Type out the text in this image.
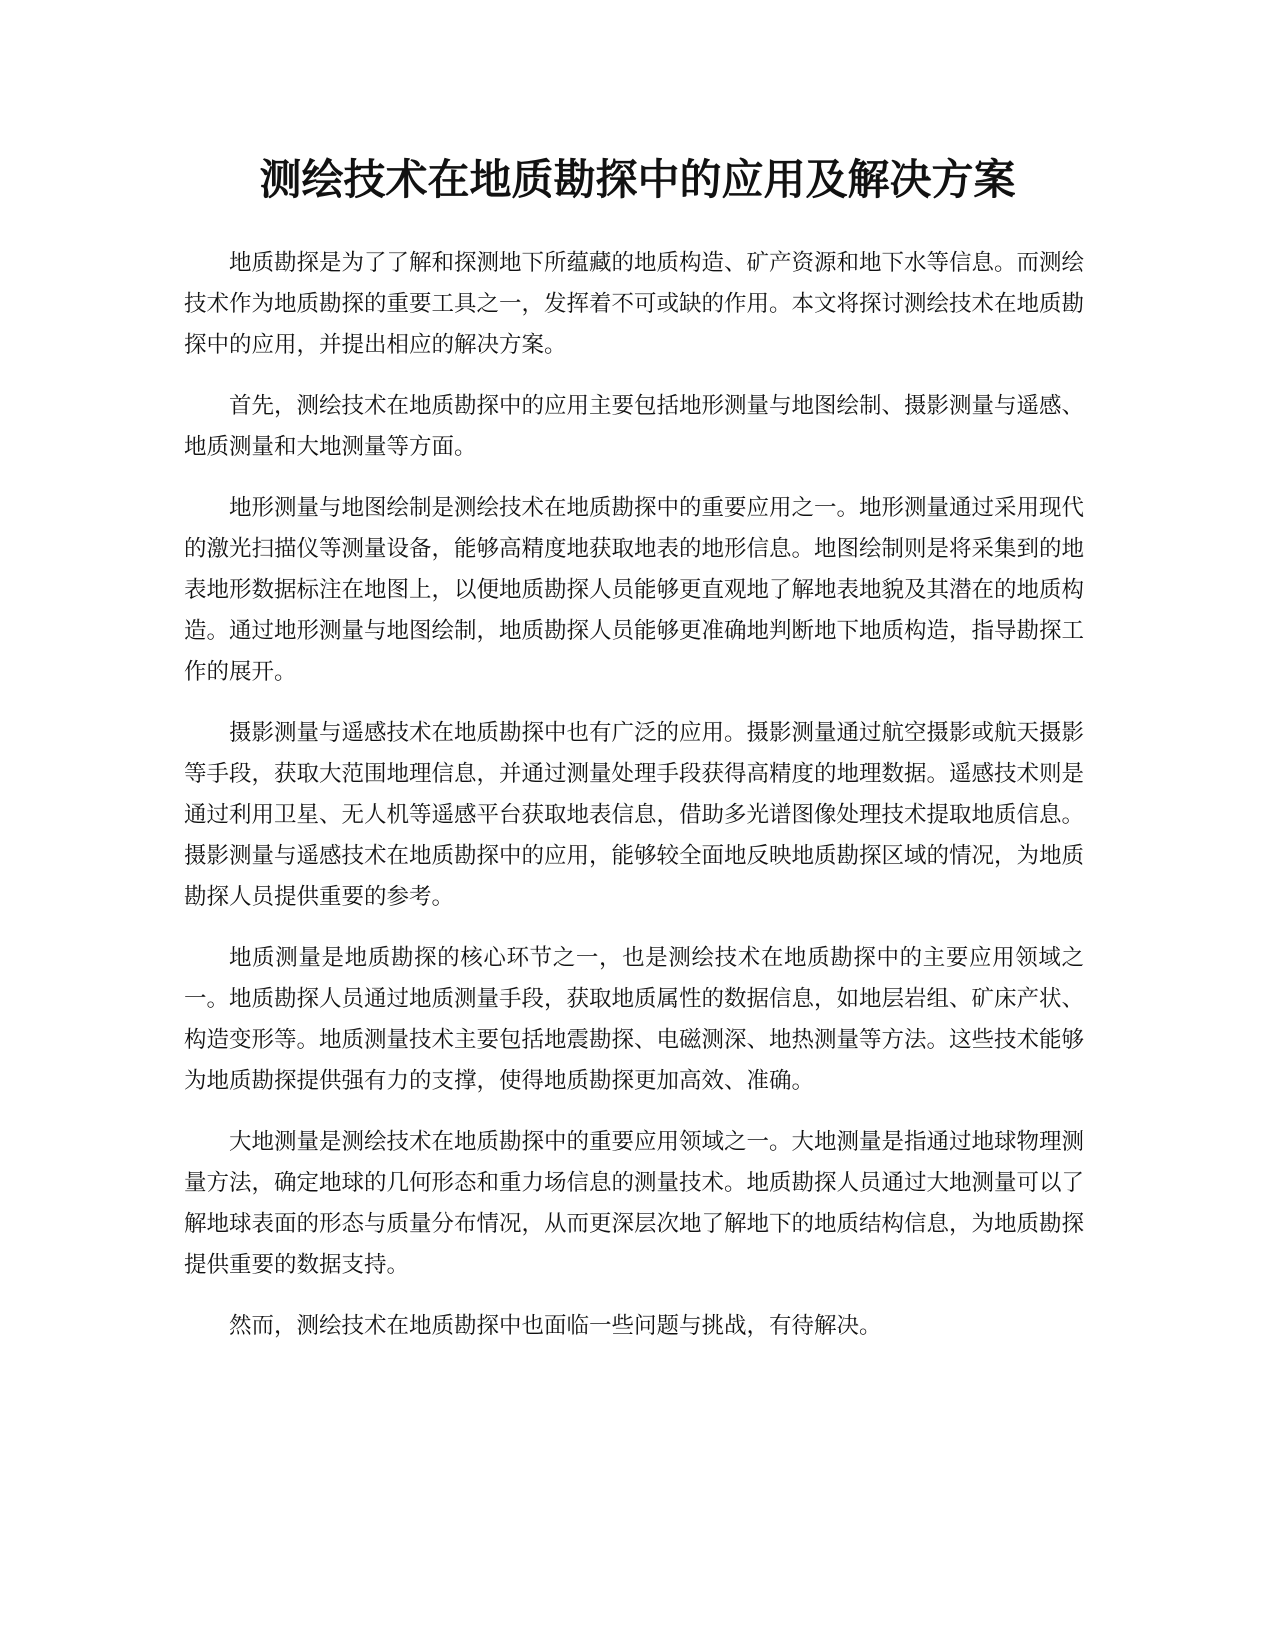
测绘技术在地质勘探中的应用及解决方案

地质勘探是为了了解和探测地下所蕴藏的地质构造、矿产资源和地下水等信息。而测绘技术作为地质勘探的重要工具之一，发挥着不可或缺的作用。本文将探讨测绘技术在地质勘探中的应用，并提出相应的解决方案。

首先，测绘技术在地质勘探中的应用主要包括地形测量与地图绘制、摄影测量与遥感、地质测量和大地测量等方面。

地形测量与地图绘制是测绘技术在地质勘探中的重要应用之一。地形测量通过采用现代的激光扫描仪等测量设备，能够高精度地获取地表的地形信息。地图绘制则是将采集到的地表地形数据标注在地图上，以便地质勘探人员能够更直观地了解地表地貌及其潜在的地质构造。通过地形测量与地图绘制，地质勘探人员能够更准确地判断地下地质构造，指导勘探工作的展开。

摄影测量与遥感技术在地质勘探中也有广泛的应用。摄影测量通过航空摄影或航天摄影等手段，获取大范围地理信息，并通过测量处理手段获得高精度的地理数据。遥感技术则是通过利用卫星、无人机等遥感平台获取地表信息，借助多光谱图像处理技术提取地质信息。摄影测量与遥感技术在地质勘探中的应用，能够较全面地反映地质勘探区域的情况，为地质勘探人员提供重要的参考。

地质测量是地质勘探的核心环节之一，也是测绘技术在地质勘探中的主要应用领域之一。地质勘探人员通过地质测量手段，获取地质属性的数据信息，如地层岩组、矿床产状、构造变形等。地质测量技术主要包括地震勘探、电磁测深、地热测量等方法。这些技术能够为地质勘探提供强有力的支撑，使得地质勘探更加高效、准确。

大地测量是测绘技术在地质勘探中的重要应用领域之一。大地测量是指通过地球物理测量方法，确定地球的几何形态和重力场信息的测量技术。地质勘探人员通过大地测量可以了解地球表面的形态与质量分布情况，从而更深层次地了解地下的地质结构信息，为地质勘探提供重要的数据支持。

然而，测绘技术在地质勘探中也面临一些问题与挑战，有待解决。
